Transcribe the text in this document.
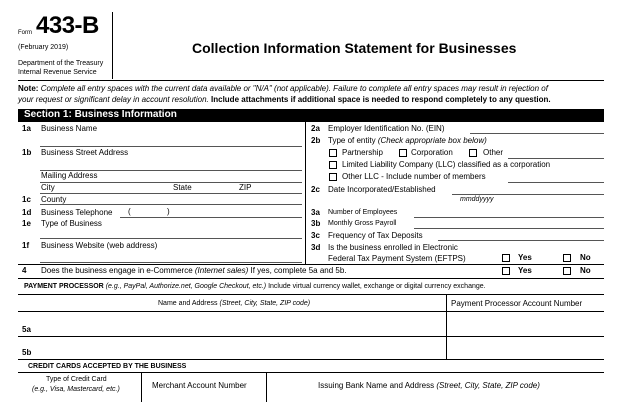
Form 433-B
(February 2019)
Department of the Treasury
Internal Revenue Service
Collection Information Statement for Businesses
Note: Complete all entry spaces with the current data available or "N/A" (not applicable). Failure to complete all entry spaces may result in rejection of
your request or significant delay in account resolution. Include attachments if additional space is needed to respond completely to any question.
Section 1: Business Information
1a Business Name
1b Business Street Address
Mailing Address
City	State	ZIP
1c County
1d Business Telephone (	)
1e Type of Business
1f Business Website (web address)
2a Employer Identification No. (EIN)
2b Type of entity (Check appropriate box below)
Partnership	Corporation	Other
Limited Liability Company (LLC) classified as a corporation
Other LLC - Include number of members
2c Date Incorporated/Established
mmddyyyy
3a Number of Employees
3b Monthly Gross Payroll
3c Frequency of Tax Deposits
3d Is the business enrolled in Electronic
Federal Tax Payment System (EFTPS)	Yes	No
4 Does the business engage in e-Commerce (Internet sales) If yes, complete 5a and 5b.	Yes	No
PAYMENT PROCESSOR (e.g., PayPal, Authorize.net, Google Checkout, etc.) Include virtual currency wallet, exchange or digital currency exchange.
Name and Address (Street, City, State, ZIP code)	Payment Processor Account Number
5a
5b
CREDIT CARDS ACCEPTED BY THE BUSINESS
Type of Credit Card
(e.g., Visa, Mastercard, etc.)	Merchant Account Number	Issuing Bank Name and Address (Street, City, State, ZIP code)
